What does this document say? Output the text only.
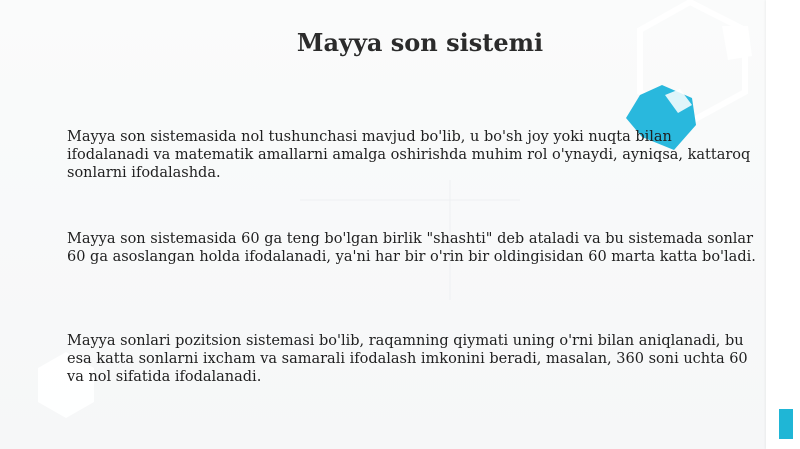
Mayya son sistemi

Mayya son sistemasida nol tushunchasi mavjud bo'lib, u bo'sh joy yoki nuqta bilan ifodalanadi va matematik amallarni amalga oshirishda muhim rol o'ynaydi, ayniqsa, kattaroq sonlarni ifodalashda.

Mayya son sistemasida 60 ga teng bo'lgan birlik "shashti" deb ataladi va bu sistemada sonlar 60 ga asoslangan holda ifodalanadi, ya'ni har bir o'rin bir oldingisidan 60 marta katta bo'ladi.

Mayya sonlari pozitsion sistemasi bo'lib, raqamning qiymati uning o'rni bilan aniqlanadi, bu esa katta sonlarni ixcham va samarali ifodalash imkonini beradi, masalan, 360 soni uchta 60 va nol sifatida ifodalanadi.
